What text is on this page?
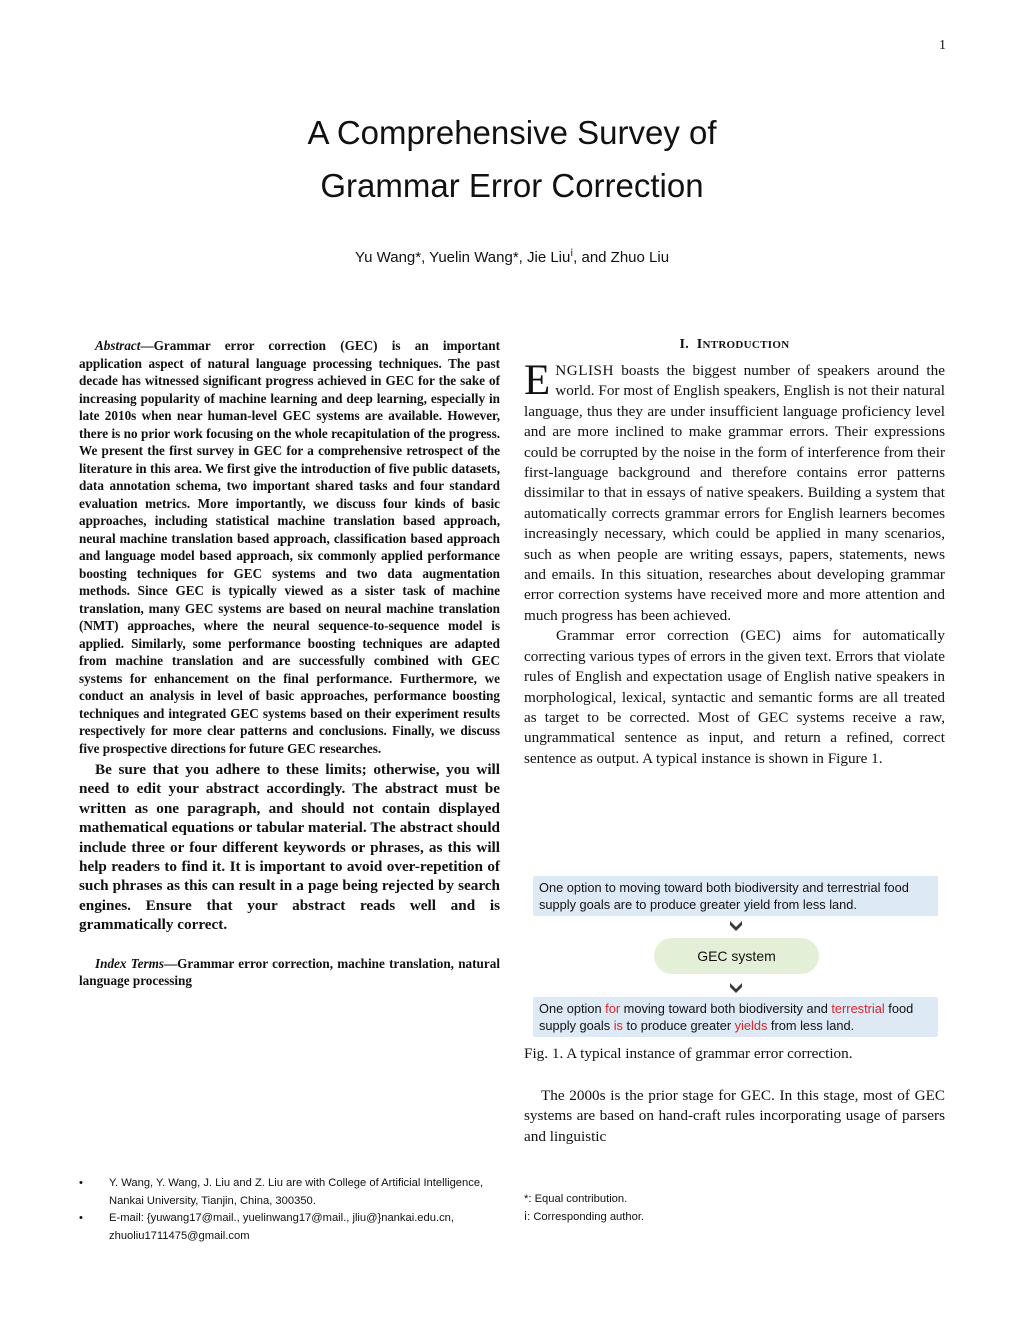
1
A Comprehensive Survey of
Grammar Error Correction
Yu Wang*, Yuelin Wang*, Jie Liu$^ⅰ$, and Zhuo Liu

Abstract—Grammar error correction (GEC) is an important application aspect of natural language processing techniques. The past decade has witnessed significant progress achieved in GEC for the sake of increasing popularity of machine learning and deep learning, especially in late 2010s when near human-level GEC systems are available. However, there is no prior work focusing on the whole recapitulation of the progress. We present the first survey in GEC for a comprehensive retrospect of the literature in this area. We first give the introduction of five public datasets, data annotation schema, two important shared tasks and four standard evaluation metrics. More importantly, we discuss four kinds of basic approaches, including statistical machine translation based approach, neural machine translation based approach, classification based approach and language model based approach, six commonly applied performance boosting techniques for GEC systems and two data augmentation methods. Since GEC is typically viewed as a sister task of machine translation, many GEC systems are based on neural machine translation (NMT) approaches, where the neural sequence-to-sequence model is applied. Similarly, some performance boosting techniques are adapted from machine translation and are successfully combined with GEC systems for enhancement on the final performance. Furthermore, we conduct an analysis in level of basic approaches, performance boosting techniques and integrated GEC systems based on their experiment results respectively for more clear patterns and conclusions. Finally, we discuss five prospective directions for future GEC researches.

Be sure that you adhere to these limits; otherwise, you will need to edit your abstract accordingly. The abstract must be written as one paragraph, and should not contain displayed mathematical equations or tabular material. The abstract should include three or four different keywords or phrases, as this will help readers to find it. It is important to avoid over-repetition of such phrases as this can result in a page being rejected by search engines. Ensure that your abstract reads well and is grammatically correct.

Index Terms—Grammar error correction, machine translation, natural language processing

I. INTRODUCTION

ENGLISH boasts the biggest number of speakers around the world. For most of English speakers, English is not their natural language, thus they are under insufficient language proficiency level and are more inclined to make grammar errors. Their expressions could be corrupted by the noise in the form of interference from their first-language background and therefore contains error patterns dissimilar to that in essays of native speakers. Building a system that automatically corrects grammar errors for English learners becomes increasingly necessary, which could be applied in many scenarios, such as when people are writing essays, papers, statements, news and emails. In this situation, researches about developing grammar error correction systems have received more and more attention and much progress has been achieved.

Grammar error correction (GEC) aims for automatically correcting various types of errors in the given text. Errors that violate rules of English and expectation usage of English native speakers in morphological, lexical, syntactic and semantic forms are all treated as target to be corrected. Most of GEC systems receive a raw, ungrammatical sentence as input, and return a refined, correct sentence as output. A typical instance is shown in Figure 1.

One option to moving toward both biodiversity and terrestrial food supply goals are to produce greater yield from less land.
GEC system
One option for moving toward both biodiversity and terrestrial food supply goals is to produce greater yields from less land.
Fig. 1. A typical instance of grammar error correction.

The 2000s is the prior stage for GEC. In this stage, most of GEC systems are based on hand-craft rules incorporating usage of parsers and linguistic

• Y. Wang, Y. Wang, J. Liu and Z. Liu are with College of Artificial Intelligence, Nankai University, Tianjin, China, 300350.

• E-mail: {yuwang17@mail., yuelinwang17@mail., jliu@}nankai.edu.cn, zhuoliu1711475@gmail.com

*: Equal contribution.
ⅰ: Corresponding author.
